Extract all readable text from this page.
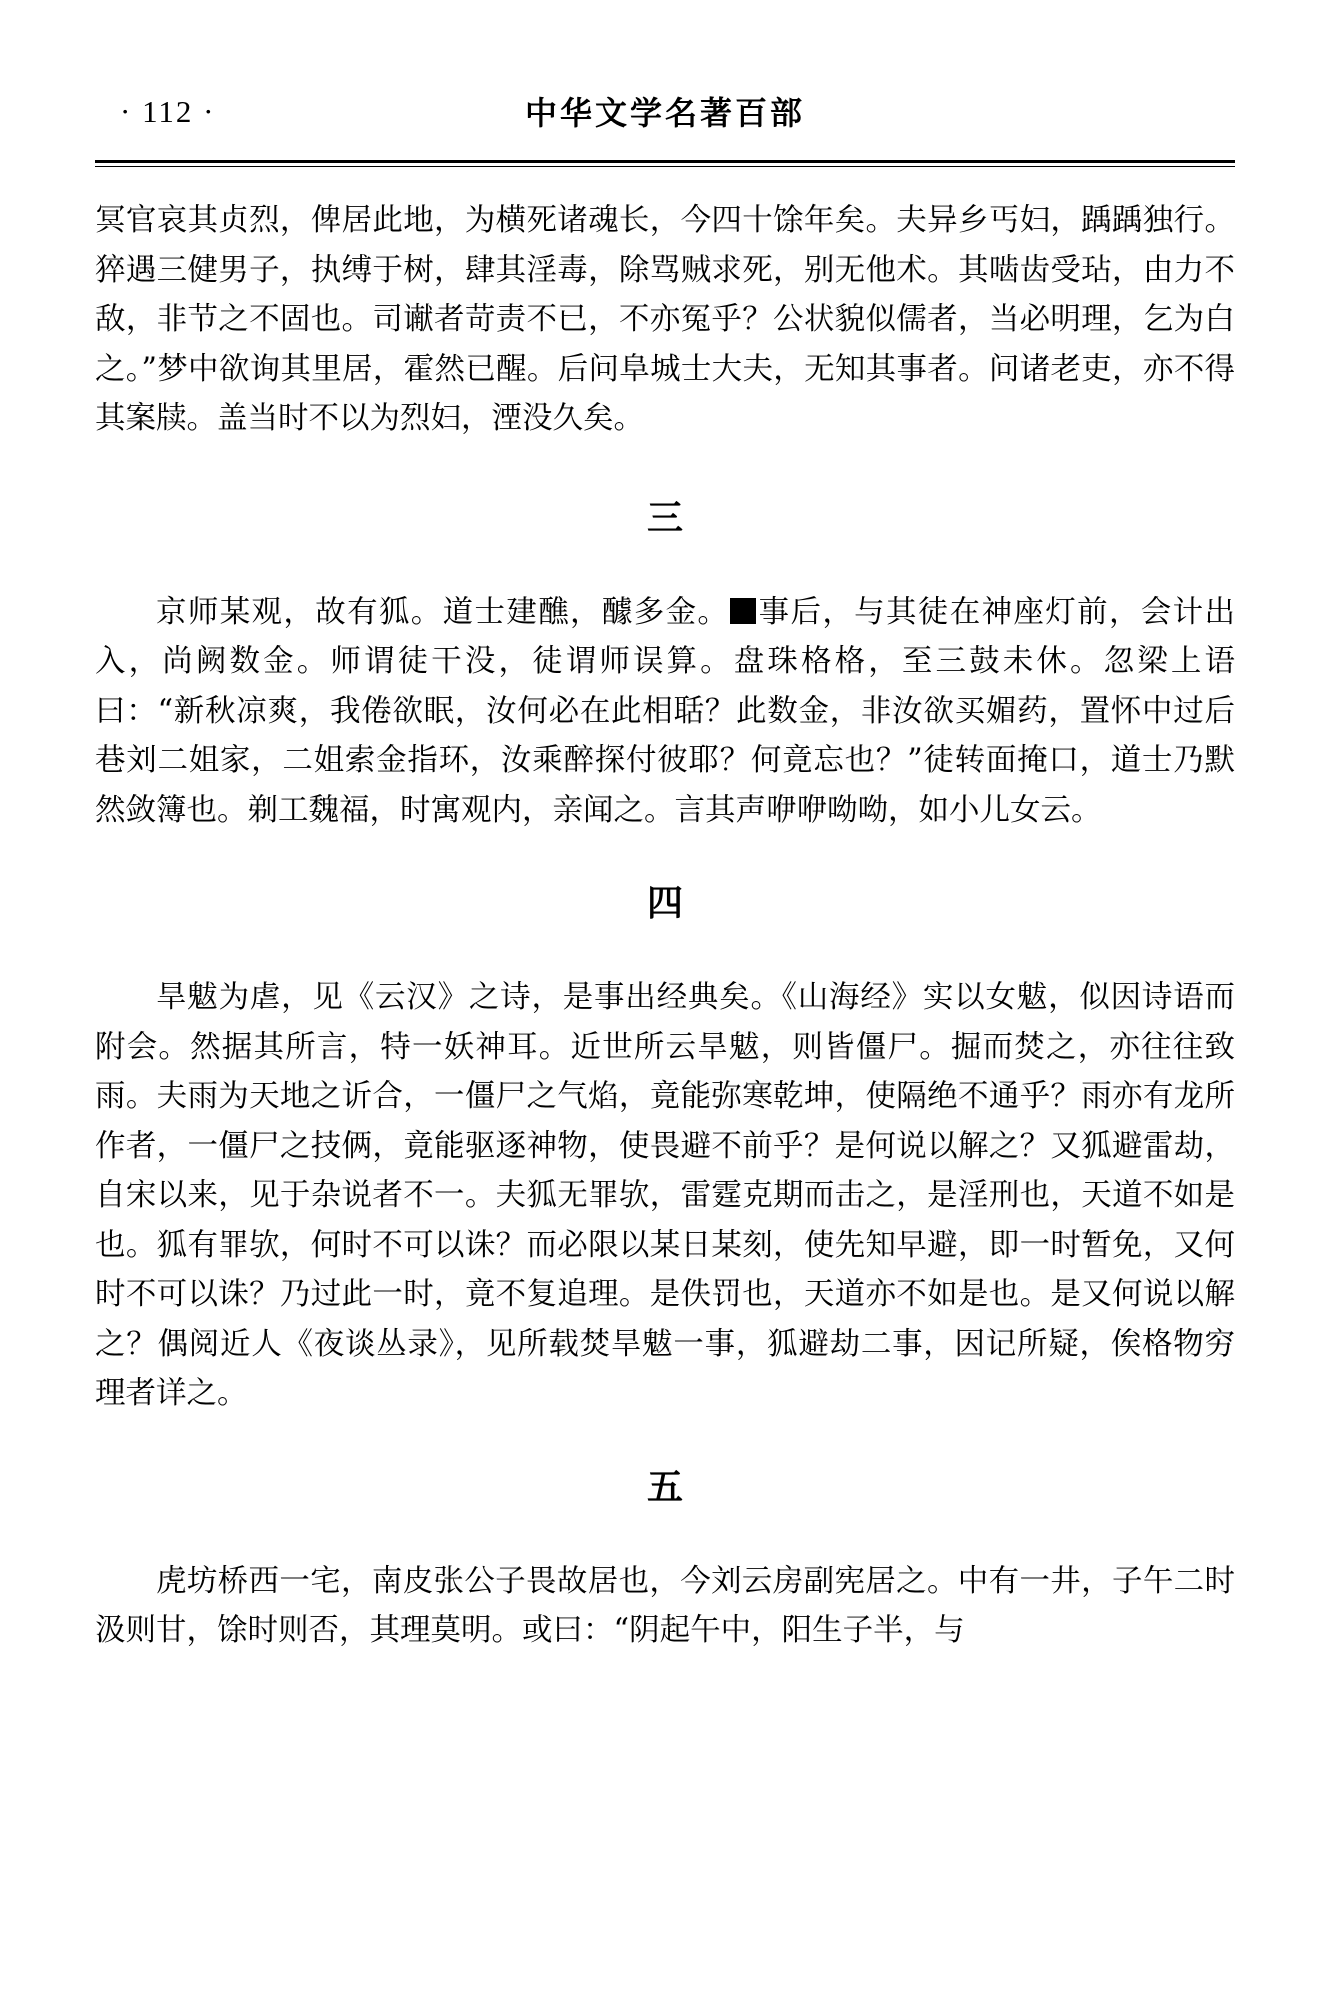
· 112 ·	中华文学名著百部

冥官哀其贞烈，俾居此地，为横死诸魂长，今四十馀年矣。夫异乡丐妇，踽踽独行。猝遇三健男子，执缚于树，肆其淫毒，除骂贼求死，别无他术。其啮齿受玷，由力不敌，非节之不固也。司谳者苛责不已，不亦冤乎？公状貌似儒者，当必明理，乞为白之。”梦中欲询其里居，霍然已醒。后问阜城士大夫，无知其事者。问诸老吏，亦不得其案牍。盖当时不以为烈妇，湮没久矣。

三

京师某观，故有狐。道士建醮，醵多金。 事后，与其徒在神座灯前，会计出入，尚阙数金。师谓徒干没，徒谓师误算。盘珠格格，至三鼓未休。忽梁上语曰：“新秋凉爽，我倦欲眠，汝何必在此相聒？此数金，非汝欲买媚药，置怀中过后巷刘二姐家，二姐索金指环，汝乘醉探付彼耶？何竟忘也？”徒转面掩口，道士乃默然敛簿也。剃工魏福，时寓观内，亲闻之。言其声咿咿呦呦，如小儿女云。

四

旱魃为虐，见《云汉》之诗，是事出经典矣。《山海经》实以女魃，似因诗语而附会。然据其所言，特一妖神耳。近世所云旱魃，则皆僵尸。掘而焚之，亦往往致雨。夫雨为天地之䜣合，一僵尸之气焰，竟能弥寒乾坤，使隔绝不通乎？雨亦有龙所作者，一僵尸之技俩，竟能驱逐神物，使畏避不前乎？是何说以解之？又狐避雷劫，自宋以来，见于杂说者不一。夫狐无罪欤，雷霆克期而击之，是淫刑也，天道不如是也。狐有罪欤，何时不可以诛？而必限以某日某刻，使先知早避，即一时暂免，又何时不可以诛？乃过此一时，竟不复追理。是佚罚也，天道亦不如是也。是又何说以解之？偶阅近人《夜谈丛录》，见所载焚旱魃一事，狐避劫二事，因记所疑，俟格物穷理者详之。

五

虎坊桥西一宅，南皮张公子畏故居也，今刘云房副宪居之。中有一井，子午二时汲则甘，馀时则否，其理莫明。或曰：“阴起午中，阳生子半，与
